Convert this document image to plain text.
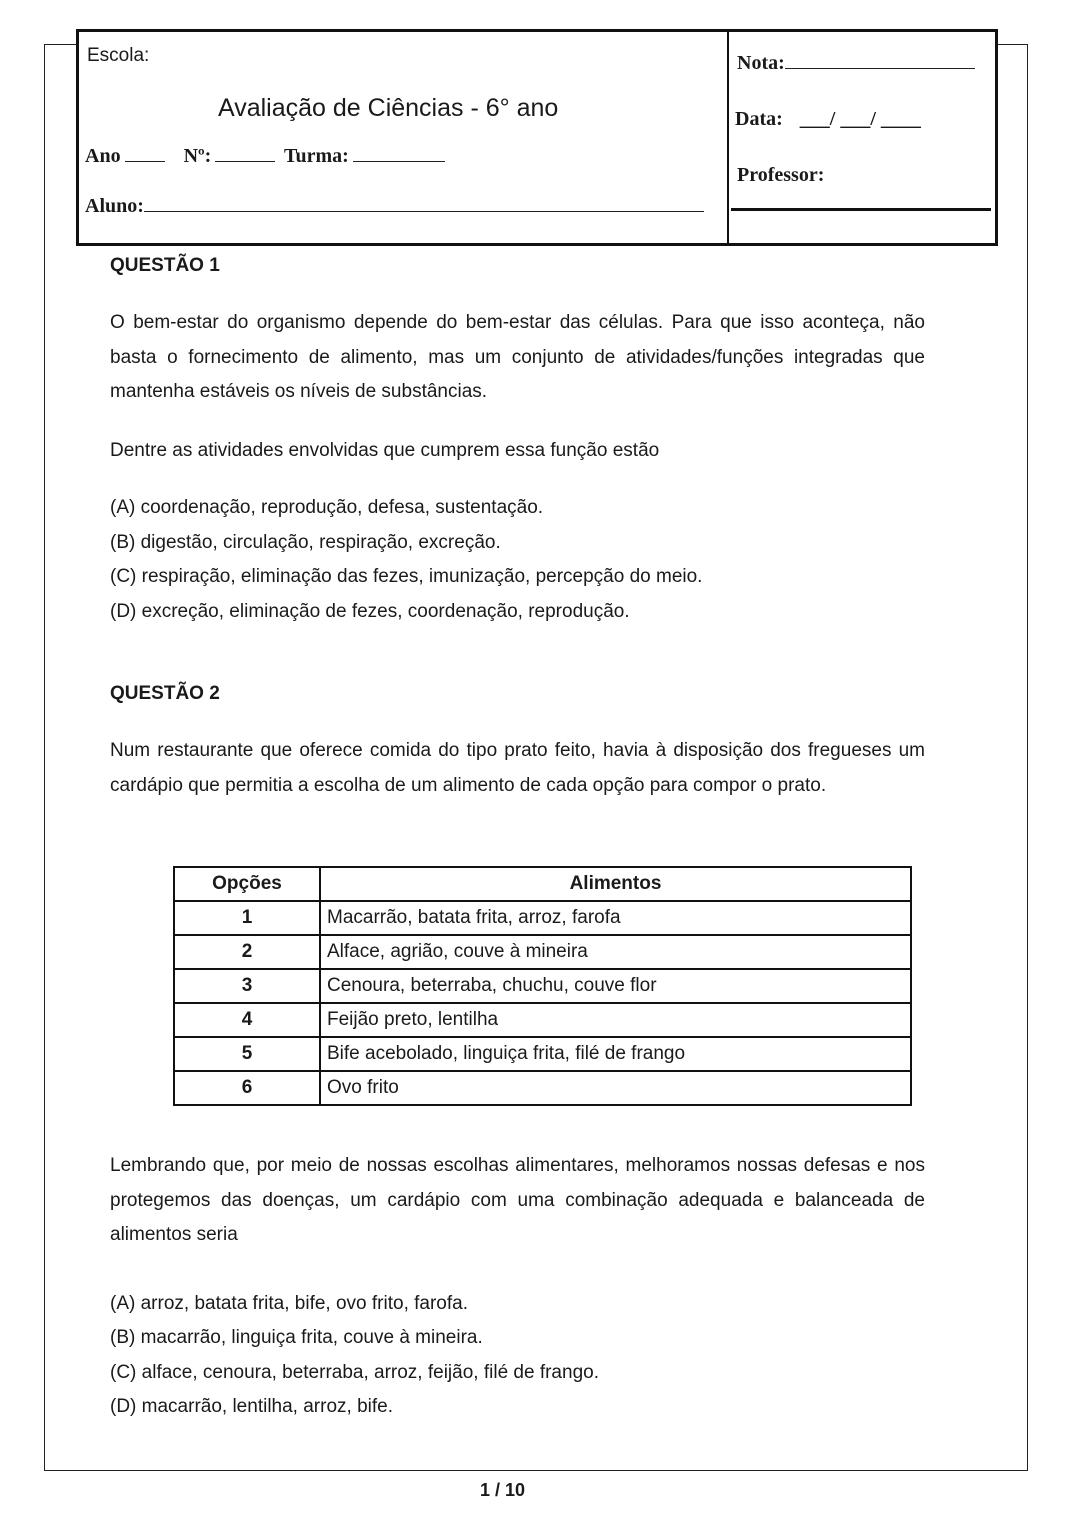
Escola:
Avaliação de Ciências - 6° ano
Ano	Nº:	Turma:
Aluno:
Nota:
Data: ___/ ___/ ____
Professor:

QUESTÃO 1

O bem-estar do organismo depende do bem-estar das células. Para que isso aconteça, não basta o fornecimento de alimento, mas um conjunto de atividades/funções integradas que mantenha estáveis os níveis de substâncias.

Dentre as atividades envolvidas que cumprem essa função estão

(A) coordenação, reprodução, defesa, sustentação.

(B) digestão, circulação, respiração, excreção.

(C) respiração, eliminação das fezes, imunização, percepção do meio.

(D) excreção, eliminação de fezes, coordenação, reprodução.

QUESTÃO 2

Num restaurante que oferece comida do tipo prato feito, havia à disposição dos fregueses um cardápio que permitia a escolha de um alimento de cada opção para compor o prato.

Opções	Alimentos
1	Macarrão, batata frita, arroz, farofa
2	Alface, agrião, couve à mineira
3	Cenoura, beterraba, chuchu, couve flor
4	Feijão preto, lentilha
5	Bife acebolado, linguiça frita, filé de frango
6	Ovo frito

Lembrando que, por meio de nossas escolhas alimentares, melhoramos nossas defesas e nos protegemos das doenças, um cardápio com uma combinação adequada e balanceada de alimentos seria

(A) arroz, batata frita, bife, ovo frito, farofa.

(B) macarrão, linguiça frita, couve à mineira.

(C) alface, cenoura, beterraba, arroz, feijão, filé de frango.

(D) macarrão, lentilha, arroz, bife.

1 / 10
